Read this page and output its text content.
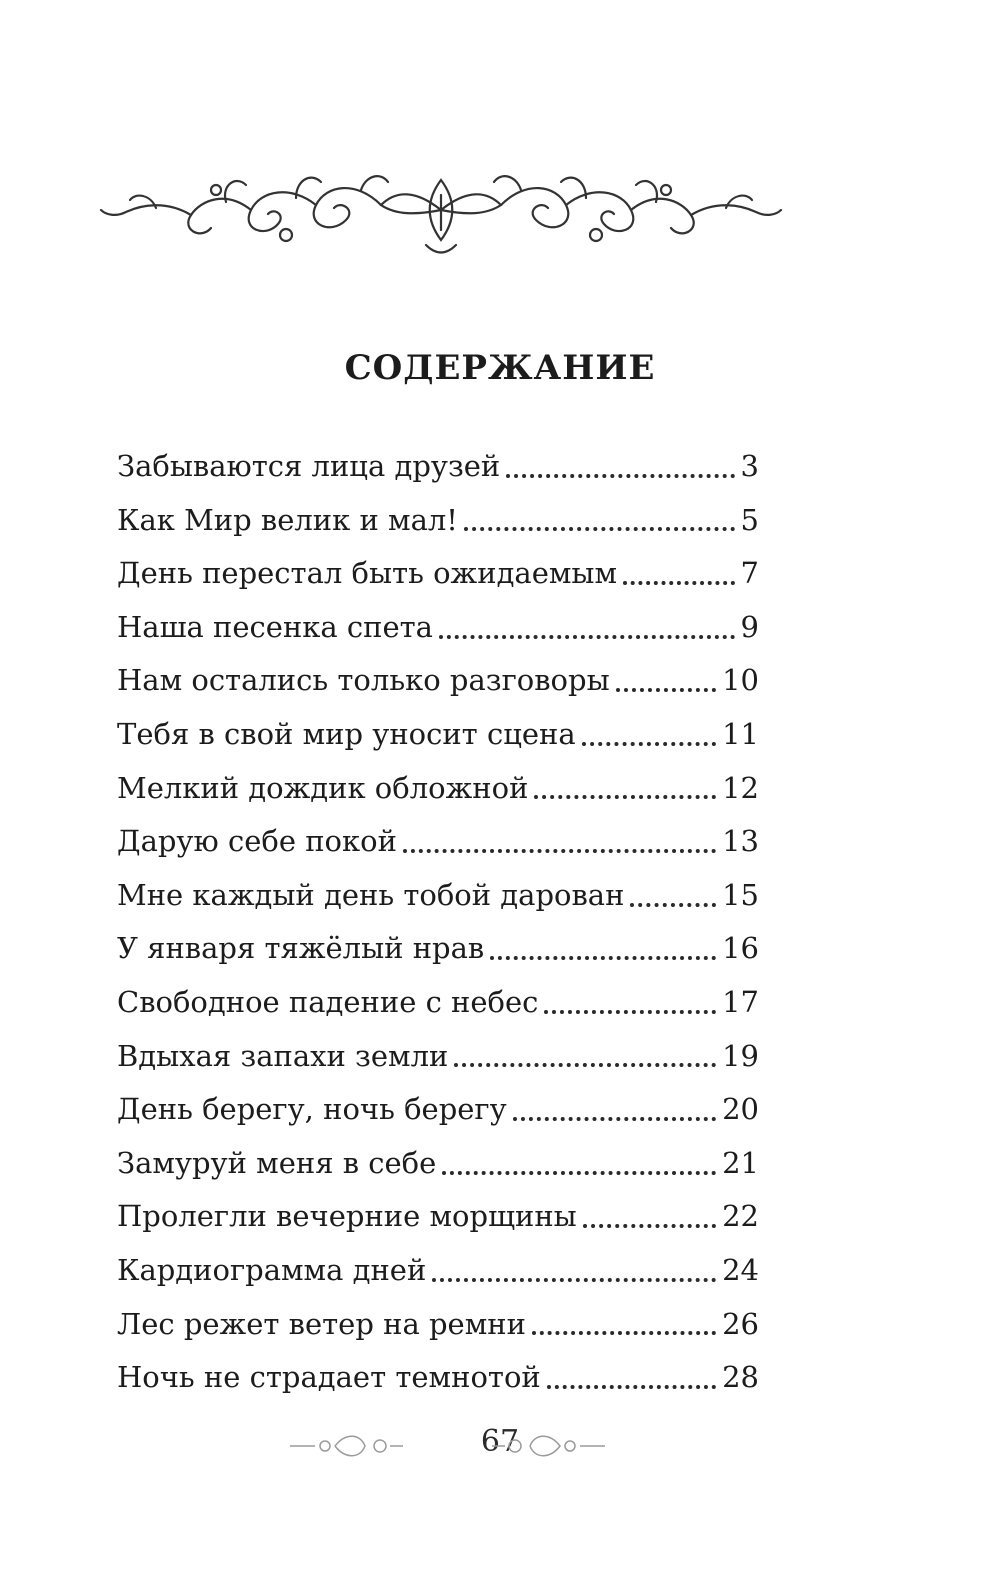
СОДЕРЖАНИЕ
Забываются лица друзей	3
Как Мир велик и мал!	5
День перестал быть ожидаемым	7
Наша песенка спета	9
Нам остались только разговоры	10
Тебя в свой мир уносит сцена	11
Мелкий дождик обложной	12
Дарую себе покой	13
Мне каждый день тобой дарован	15
У января тяжёлый нрав	16
Свободное падение с небес	17
Вдыхая запахи земли	19
День берегу, ночь берегу	20
Замуруй меня в себе	21
Пролегли вечерние морщины	22
Кардиограмма дней	24
Лес режет ветер на ремни	26
Ночь не страдает темнотой	28
67
